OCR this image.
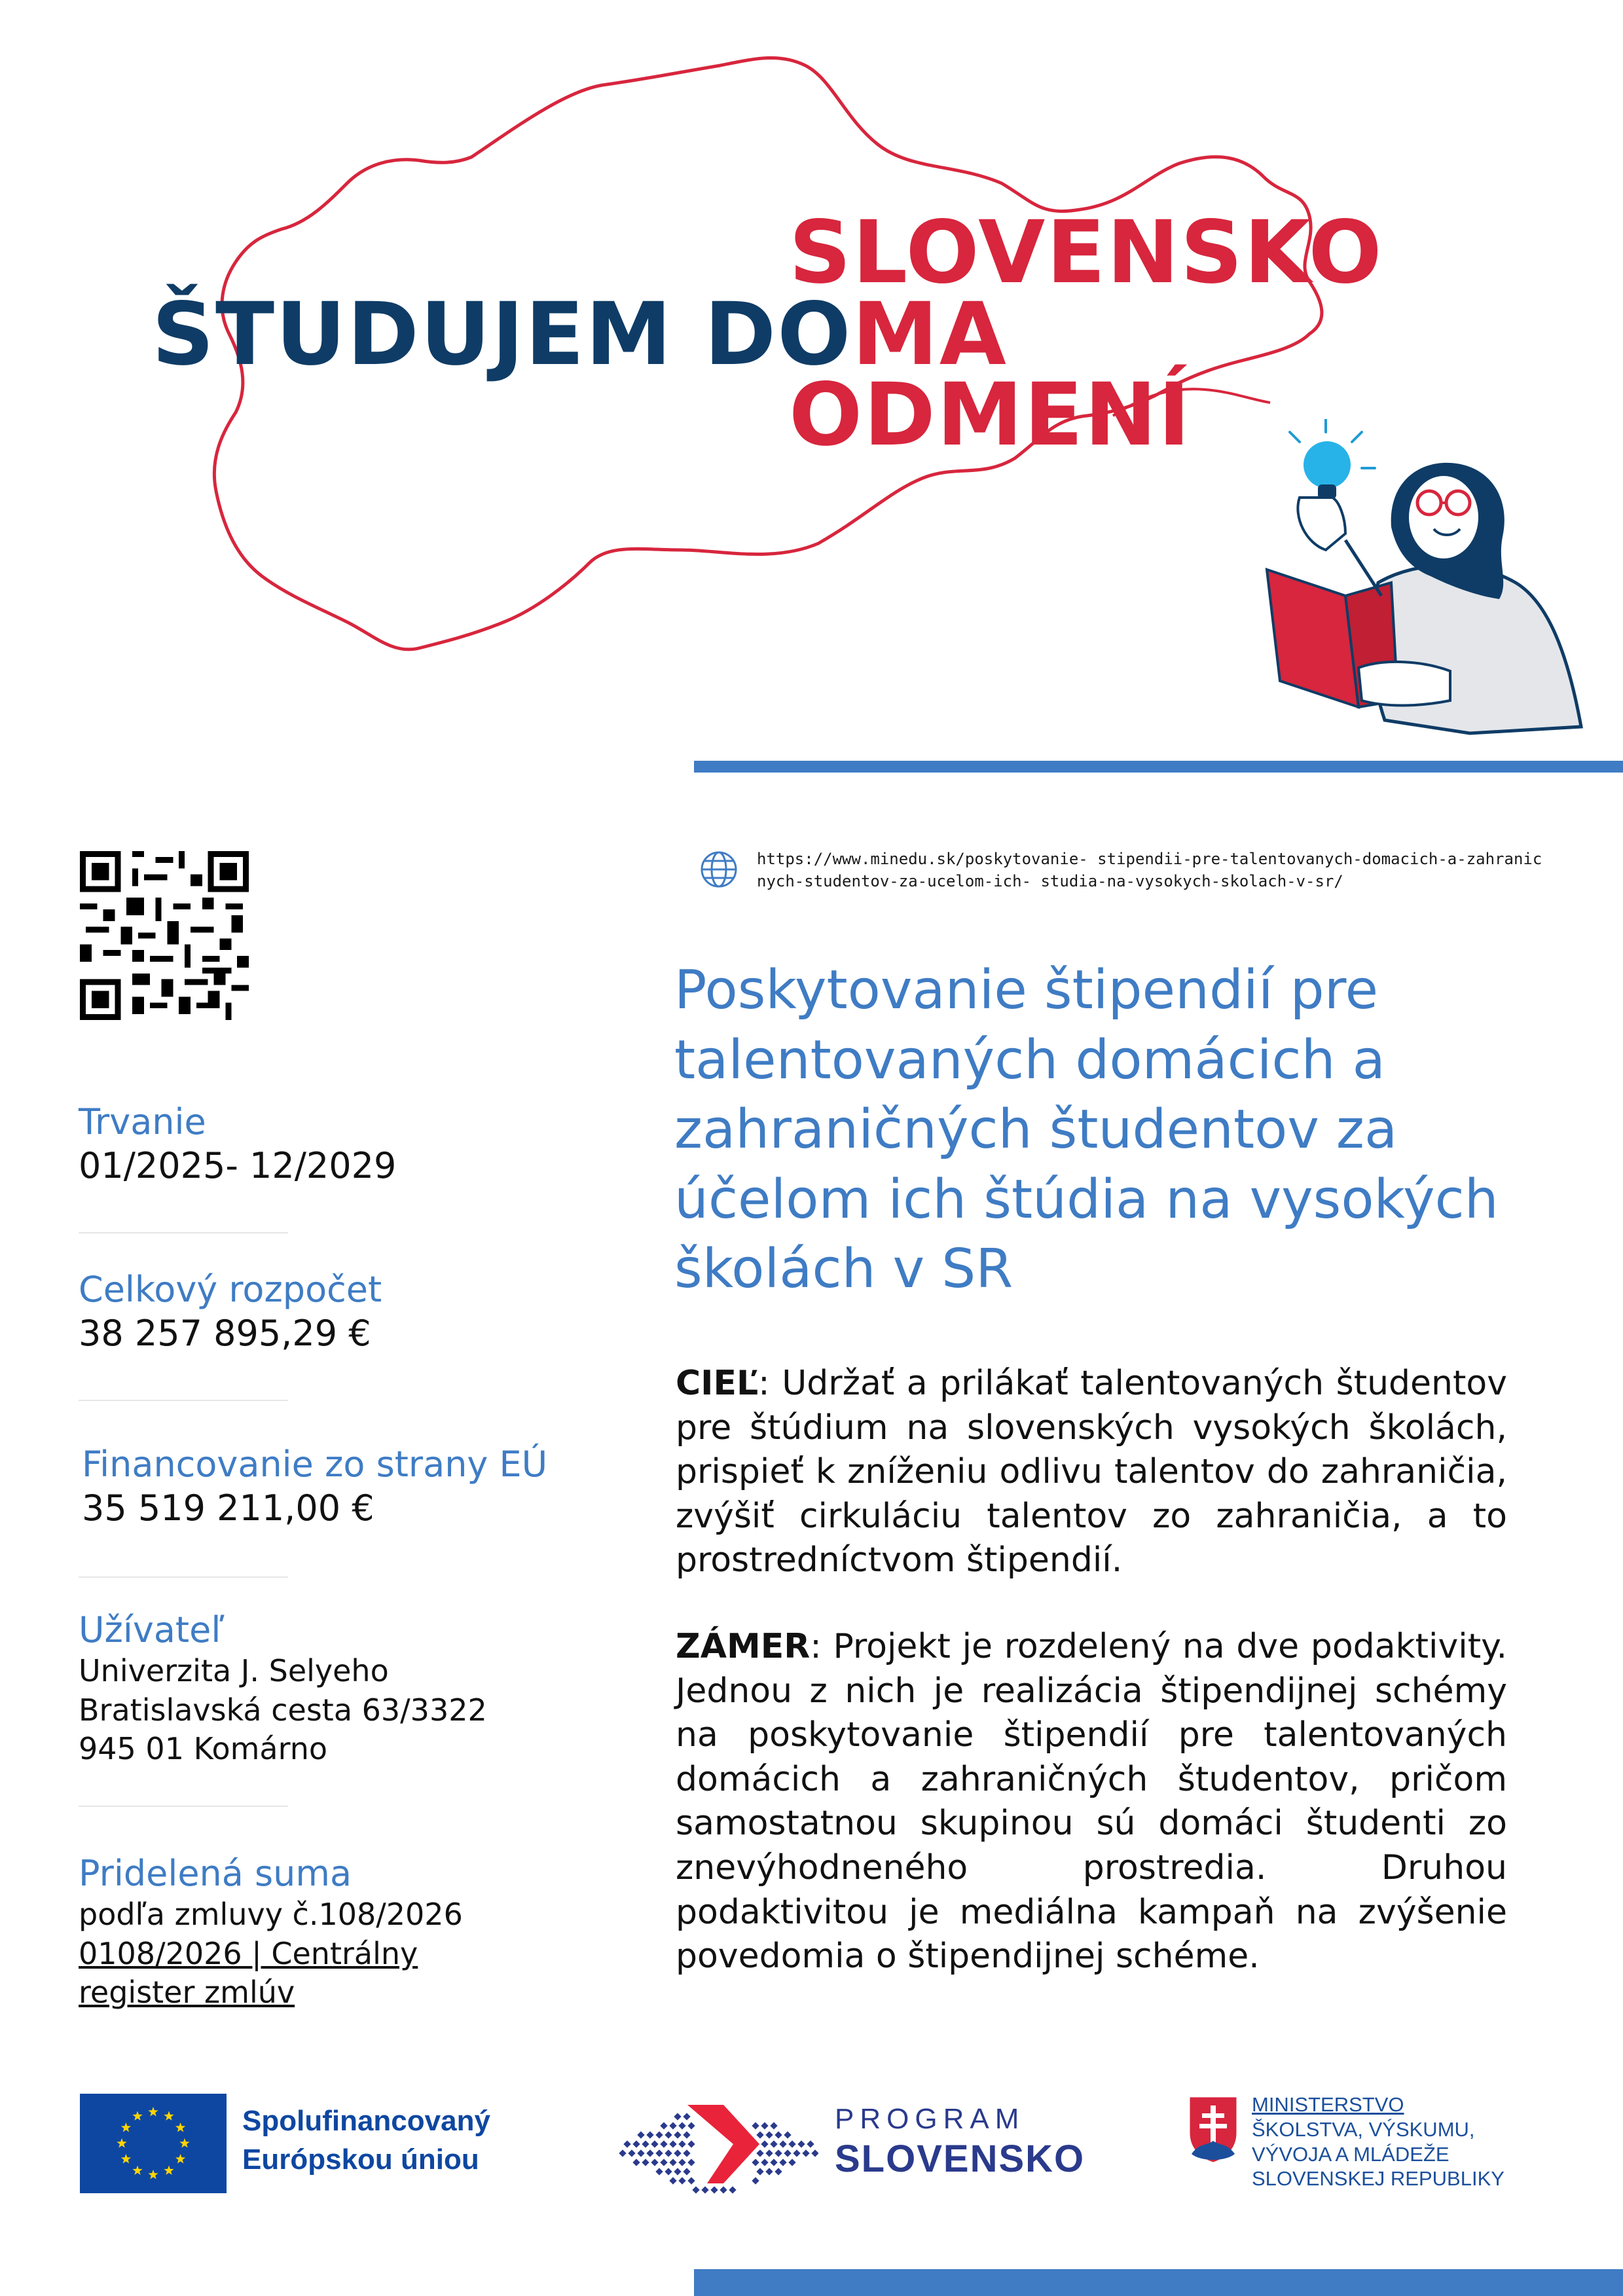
SLOVENSKO
ŠTUDUJEM DOMA
ODMENÍ
Trvanie
01/2025- 12/2029
Celkový rozpočet
38 257 895,29 €
Financovanie zo strany EÚ
35 519 211,00 €
Užívateľ
Univerzita J. Selyeho
Bratislavská cesta 63/3322
945 01 Komárno
Pridelená suma
podľa zmluvy č.108/2026
0108/2026 | Centrálny
register zmlúv
https://www.minedu.sk/poskytovanie- stipendii-pre-talentovanych-domacich-a-zahranicnych-studentov-za-ucelom-ich- studia-na-vysokych-skolach-v-sr/
Poskytovanie štipendií pre talentovaných domácich a zahraničných študentov za účelom ich štúdia na vysokých školách v SR
CIEĽ: Udržať a prilákať talentovaných študentov pre štúdium na slovenských vysokých školách, prispieť k zníženiu odlivu talentov do zahraničia, zvýšiť cirkuláciu talentov zo zahraničia, a to prostredníctvom štipendií.
ZÁMER: Projekt je rozdelený na dve podaktivity. Jednou z nich je realizácia štipendijnej schémy na poskytovanie štipendií pre talentovaných domácich a zahraničných študentov, pričom samostatnou skupinou sú domáci študenti zo znevýhodneného prostredia. Druhou podaktivitou je mediálna kampaň na zvýšenie povedomia o štipendijnej schéme.
Spolufinancovaný
Európskou úniou
PROGRAM
SLOVENSKO
MINISTERSTVO
ŠKOLSTVA, VÝSKUMU,
VÝVOJA A MLÁDEŽE
SLOVENSKEJ REPUBLIKY
